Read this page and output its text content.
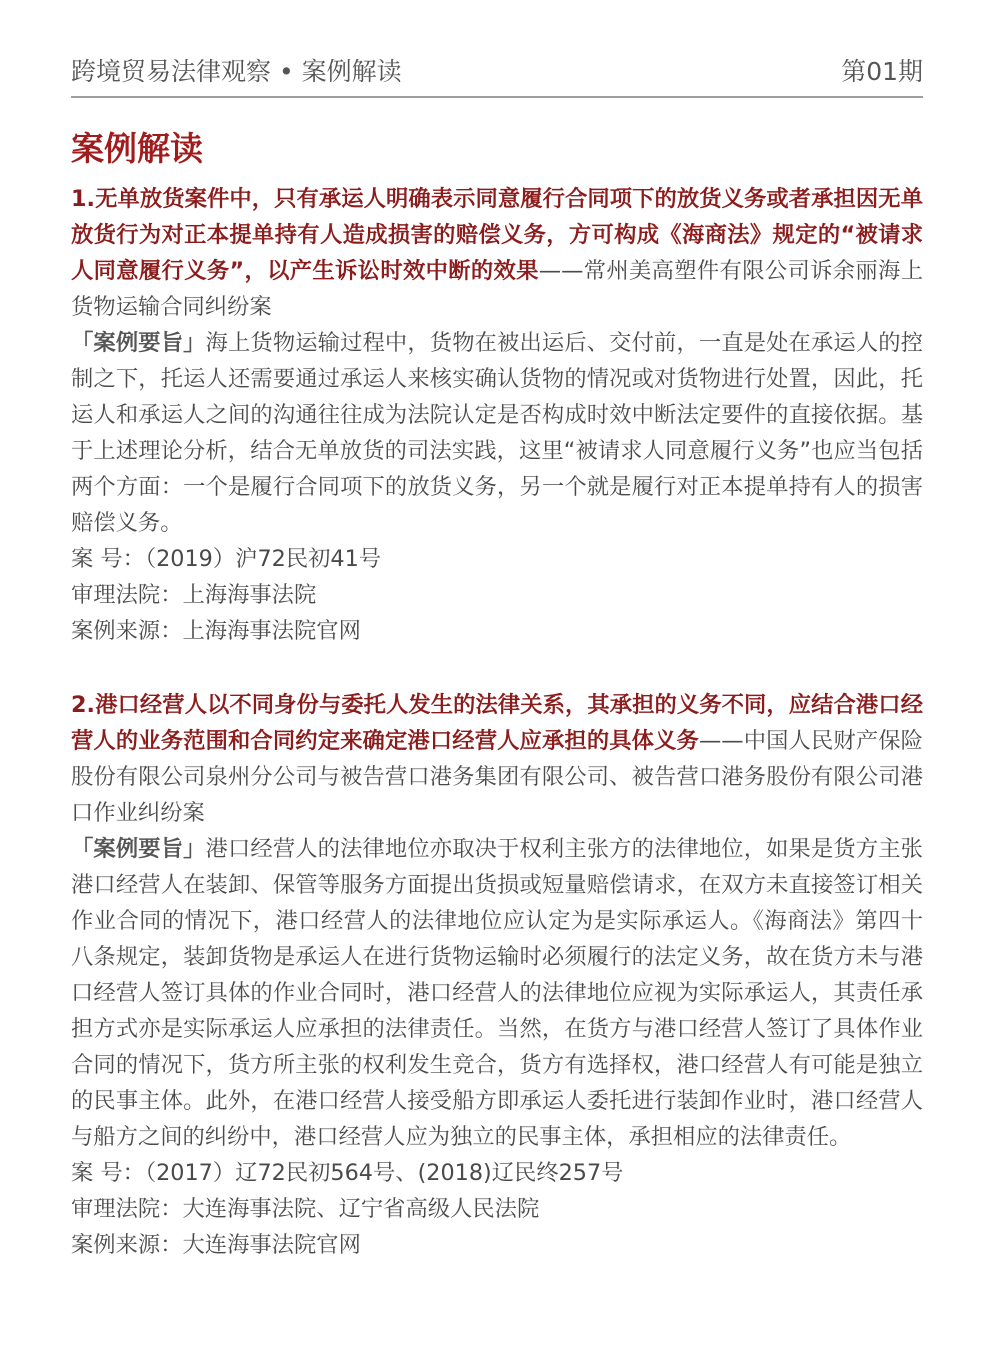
跨境贸易法律观察 • 案例解读	第01期
案例解读
1.无单放货案件中，只有承运人明确表示同意履行合同项下的放货义务或者承担因无单放货行为对正本提单持有人造成损害的赔偿义务，方可构成《海商法》规定的“被请求人同意履行义务”，以产生诉讼时效中断的效果——常州美高塑件有限公司诉余丽海上货物运输合同纠纷案
「案例要旨」海上货物运输过程中，货物在被出运后、交付前，一直是处在承运人的控制之下，托运人还需要通过承运人来核实确认货物的情况或对货物进行处置，因此，托运人和承运人之间的沟通往往成为法院认定是否构成时效中断法定要件的直接依据。基于上述理论分析，结合无单放货的司法实践，这里“被请求人同意履行义务”也应当包括两个方面：一个是履行合同项下的放货义务，另一个就是履行对正本提单持有人的损害赔偿义务。
案 号：（2019）沪72民初41号
审理法院：上海海事法院
案例来源：上海海事法院官网
2.港口经营人以不同身份与委托人发生的法律关系，其承担的义务不同，应结合港口经营人的业务范围和合同约定来确定港口经营人应承担的具体义务——中国人民财产保险股份有限公司泉州分公司与被告营口港务集团有限公司、被告营口港务股份有限公司港口作业纠纷案
「案例要旨」港口经营人的法律地位亦取决于权利主张方的法律地位，如果是货方主张港口经营人在装卸、保管等服务方面提出货损或短量赔偿请求，在双方未直接签订相关作业合同的情况下，港口经营人的法律地位应认定为是实际承运人。《海商法》第四十八条规定，装卸货物是承运人在进行货物运输时必须履行的法定义务，故在货方未与港口经营人签订具体的作业合同时，港口经营人的法律地位应视为实际承运人，其责任承担方式亦是实际承运人应承担的法律责任。当然，在货方与港口经营人签订了具体作业合同的情况下，货方所主张的权利发生竞合，货方有选择权，港口经营人有可能是独立的民事主体。此外，在港口经营人接受船方即承运人委托进行装卸作业时，港口经营人与船方之间的纠纷中，港口经营人应为独立的民事主体，承担相应的法律责任。
案 号：（2017）辽72民初564号、(2018)辽民终257号
审理法院：大连海事法院、辽宁省高级人民法院
案例来源：大连海事法院官网
